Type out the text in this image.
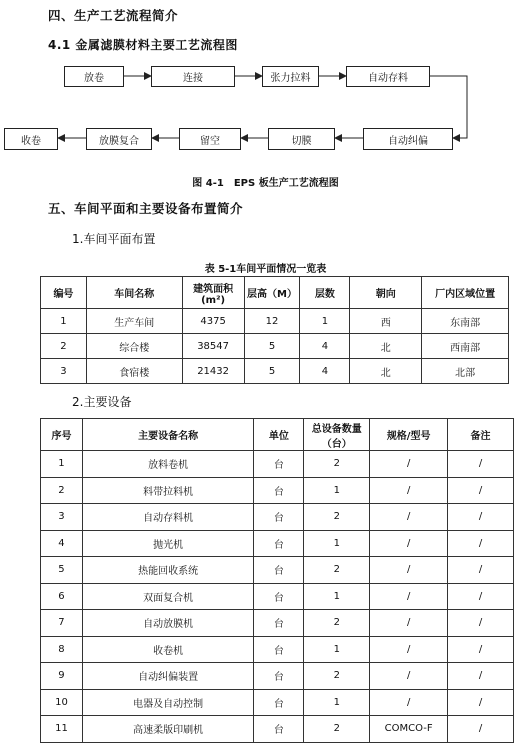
四、生产工艺流程简介
4.1 金属滤膜材料主要工艺流程图
放卷	连接	张力拉料	自动存料
收卷	放膜复合	留空	切膜	自动纠偏
图 4-1　EPS 板生产工艺流程图
五、车间平面和主要设备布置简介
1.车间平面布置
表 5-1车间平面情况一览表
编号	车间名称	建筑面积(m²)	层高（M）	层数	朝向	厂内区域位置
1	生产车间	4375	12	1	西	东南部
2	综合楼	38547	5	4	北	西南部
3	食宿楼	21432	5	4	北	北部
2.主要设备
序号	主要设备名称	单位	总设备数量（台）	规格/型号	备注
1	放料卷机	台	2	/	/
2	料带拉料机	台	1	/	/
3	自动存料机	台	2	/	/
4	抛光机	台	1	/	/
5	热能回收系统	台	2	/	/
6	双面复合机	台	1	/	/
7	自动放膜机	台	2	/	/
8	收卷机	台	1	/	/
9	自动纠偏装置	台	2	/	/
10	电器及自动控制	台	1	/	/
11	高速柔版印刷机	台	2	COMCO-F	/
